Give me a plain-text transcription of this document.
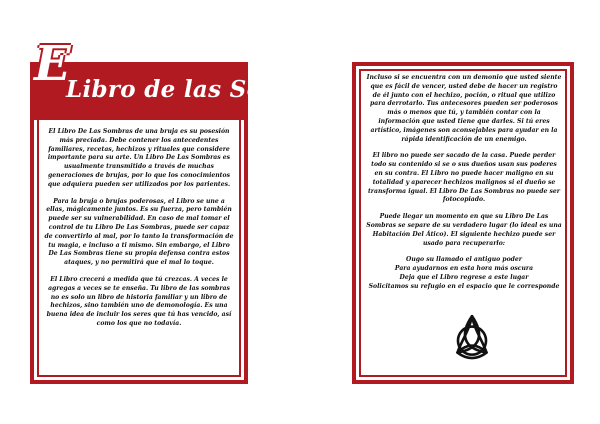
E
Libro de las Sombras

El Libro De Las Sombras de una bruja es su posesión más preciada. Debe contener los antecedentes familiares, recetas, hechizos y rituales que considere importante para su arte. Un Libro De Las Sombras es usualmente transmitido a través de muchas generaciones de brujas, por lo que los conocimientos que adquiera pueden ser utilizados por los parientes.

Para la bruja o brujas poderosas, el Libro se une a ellas, mágicamente juntos. Es su fuerza, pero también puede ser su vulnerabilidad. En caso de mal tomar el control de tu Libro De Las Sombras, puede ser capaz de convertirlo al mal, por lo tanto la transformación de tu magia, e incluso a ti mismo. Sin embargo, el Libro De Las Sombras tiene su propia defensa contra estos ataques, y no permitirá que el mal lo toque.

El Libro crecerá a medida que tú crezcas. A veces le agregas a veces se te enseña. Tu libro de las sombras no es solo un libro de historia familiar y un libro de hechizos, sino también uno de demonología. Es una buena idea de incluir los seres que tú has vencido, así como los que no todavía.

Incluso si se encuentra con un demonio que usted siente que es fácil de vencer, usted debe de hacer un registro de él junto con el hechizo, poción, o ritual que utilizo para derrotarlo. Tus antecesores pueden ser poderosos más o menos que tú, y también contar con la información que usted tiene que darles. Si tú eres artístico, imágenes son aconsejables para ayudar en la rápida identificación de un enemigo.

El libro no puede ser sacado de la casa. Puede perder todo su contenido si se o sus dueños usan sus poderes en su contra. El Libro no puede hacer maligno en su totalidad y aparecer hechizos malignos si el dueño se transforma igual. El Libro De Las Sombras no puede ser fotocopiado.

Puede llegar un momento en que su Libro De Las Sombras se separe de su verdadero lugar (lo ideal es una Habitación Del Ático). El siguiente hechizo puede ser usado para recuperarlo:

Ougo su llamado el antiguo poder
Para ayudarnos en esta hora más oscura
Deja que el Libro regrese a este lugar
Solicitamos su refugio en el espacio que le corresponde
